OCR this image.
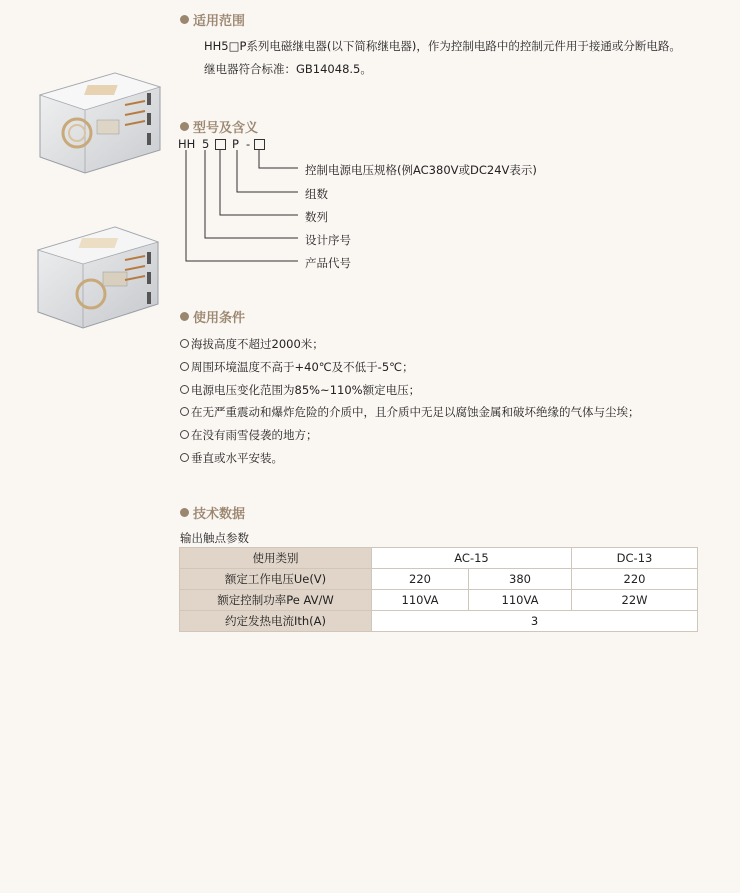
适用范围
HH5□P系列电磁继电器(以下简称继电器)，作为控制电路中的控制元件用于接通或分断电路。
继电器符合标准：GB14048.5。
型号及含义
HH 5 P -
控制电源电压规格(例AC380V或DC24V表示)
组数
数列
设计序号
产品代号
使用条件
海拔高度不超过2000米；
周围环境温度不高于+40℃及不低于-5℃；
电源电压变化范围为85%~110%额定电压；
在无严重震动和爆炸危险的介质中，且介质中无足以腐蚀金属和破坏绝缘的气体与尘埃；
在没有雨雪侵袭的地方；
垂直或水平安装。
技术数据
输出触点参数
使用类别	AC-15		DC-13
额定工作电压Ue(V)	220	380	220
额定控制功率Pe AV/W	110VA	110VA	22W
约定发热电流Ith(A)	3		
